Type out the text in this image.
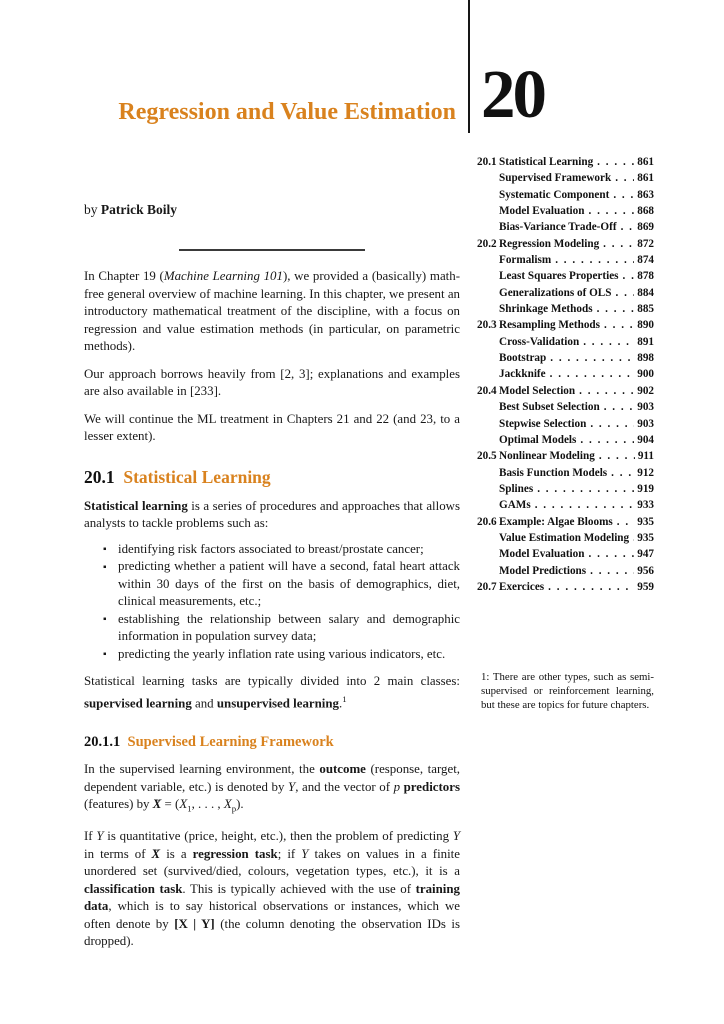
20
Regression and Value Estimation
20.1 Statistical Learning . . .	861
Supervised Framework . . . 861
Systematic Component . . . 863
Model Evaluation . . .	868
Bias-Variance Trade-Off . . . 869
20.2 Regression Modeling . . .	872
Formalism . . .	874
Least Squares Properties . . . 878
Generalizations of OLS . . . 884
Shrinkage Methods . . .	885
20.3 Resampling Methods . . .	890
Cross-Validation . . .	891
Bootstrap . . .	898
Jackknife . . .	900
20.4 Model Selection . . .	902
Best Subset Selection . . .	903
Stepwise Selection . . .	903
Optimal Models . . .	904
20.5 Nonlinear Modeling . . .	911
Basis Function Models . . .	912
Splines . . .	919
GAMs . . .	933
20.6 Example: Algae Blooms . . . 935
Value Estimation Modeling . . . 935
Model Evaluation . . .	947
Model Predictions . . .	956
20.7 Exercices . . .	959
by Patrick Boily

In Chapter 19 (Machine Learning 101), we provided a (basically) math-free general overview of machine learning. In this chapter, we present an introductory mathematical treatment of the discipline, with a focus on regression and value estimation methods (in particular, on parametric methods).

Our approach borrows heavily from [2, 3]; explanations and examples are also available in [233].

We will continue the ML treatment in Chapters 21 and 22 (and 23, to a lesser extent).

20.1 Statistical Learning

Statistical learning is a series of procedures and approaches that allows analysts to tackle problems such as:

▪ identifying risk factors associated to breast/prostate cancer;
▪ predicting whether a patient will have a second, fatal heart attack within 30 days of the first on the basis of demographics, diet, clinical measurements, etc.;
▪ establishing the relationship between salary and demographic information in population survey data;
▪ predicting the yearly inflation rate using various indicators, etc.

Statistical learning tasks are typically divided into 2 main classes: supervised learning and unsupervised learning.$^1$

20.1.1 Supervised Learning Framework

In the supervised learning environment, the outcome (response, target, dependent variable, etc.) is denoted by Y, and the vector of p predictors (features) by → $X = (X_1$, . . . , $X_p$).

If Y is quantitative (price, height, etc.), then the problem of predicting Y in terms of → X is a regression task; if Y takes on values in a finite unordered set (survived/died, colours, vegetation types, etc.), it is a classification task. This is typically achieved with the use of training data, which is to say historical observations or instances, which we often denote by [X | Y] (the column denoting the observation IDs is dropped).

1: There are other types, such as semi-supervised or reinforcement learning, but these are topics for future chapters.
